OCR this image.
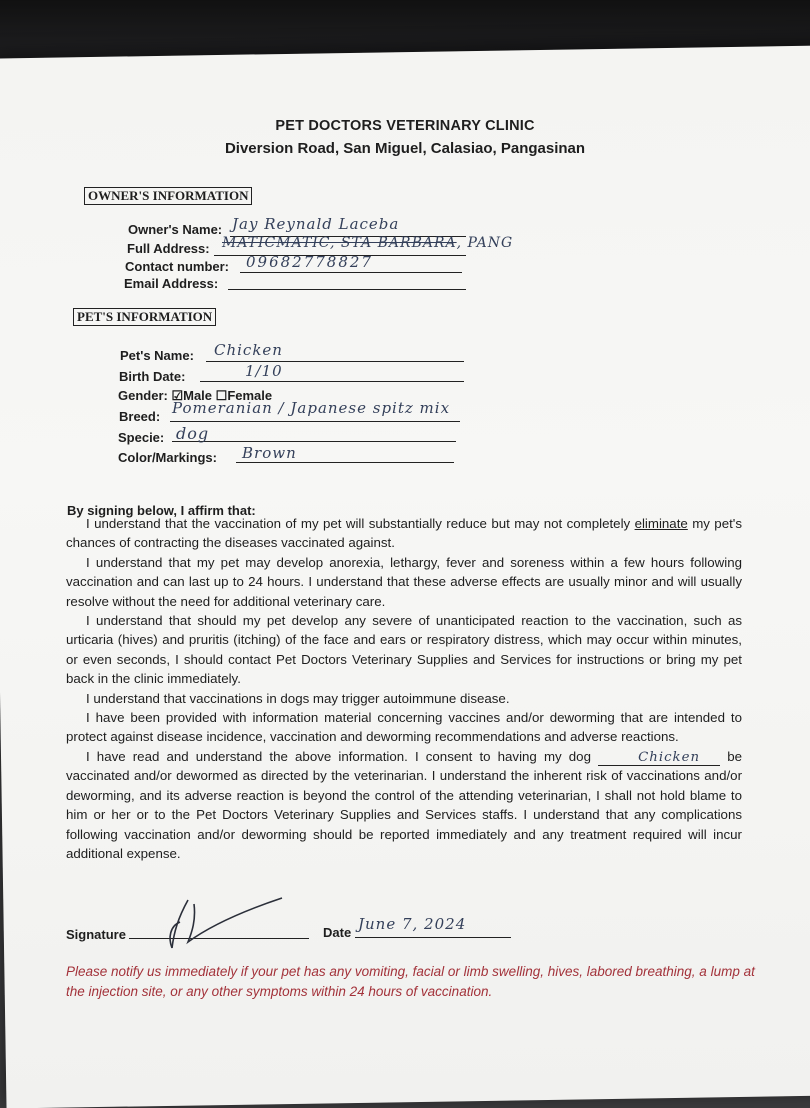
PET DOCTORS VETERINARY CLINIC
Diversion Road, San Miguel, Calasiao, Pangasinan
OWNER'S INFORMATION
Owner's Name: Jay Reynald Laceba
Full Address: MATICMATIC, STA BARBARA, PANG
Contact number: 09682778827
Email Address:
PET'S INFORMATION
Pet's Name: Chicken
Birth Date:	1/10
Gender: ☑Male ☐Female
Breed: Pomeranian / Japanese spitz mix
Specie: dog
Color/Markings: Brown
By signing below, I affirm that:

I understand that the vaccination of my pet will substantially reduce but may not completely eliminate my pet's chances of contracting the diseases vaccinated against.

I understand that my pet may develop anorexia, lethargy, fever and soreness within a few hours following vaccination and can last up to 24 hours. I understand that these adverse effects are usually minor and will usually resolve without the need for additional veterinary care.

I understand that should my pet develop any severe of unanticipated reaction to the vaccination, such as urticaria (hives) and pruritis (itching) of the face and ears or respiratory distress, which may occur within minutes, or even seconds, I should contact Pet Doctors Veterinary Supplies and Services for instructions or bring my pet back in the clinic immediately.

I understand that vaccinations in dogs may trigger autoimmune disease.

I have been provided with information material concerning vaccines and/or deworming that are intended to protect against disease incidence, vaccination and deworming recommendations and adverse reactions.

I have read and understand the above information. I consent to having my dog	Chicken be vaccinated and/or dewormed as directed by the veterinarian. I understand the inherent risk of vaccinations and/or deworming, and its adverse reaction is beyond the control of the attending veterinarian, I shall not hold blame to him or her or to the Pet Doctors Veterinary Supplies and Services staffs. I understand that any complications following vaccination and/or deworming should be reported immediately and any treatment required will incur additional expense.

Signature	Date June 7, 2024
Please notify us immediately if your pet has any vomiting, facial or limb swelling, hives, labored breathing, a lump at the injection site, or any other symptoms within 24 hours of vaccination.
